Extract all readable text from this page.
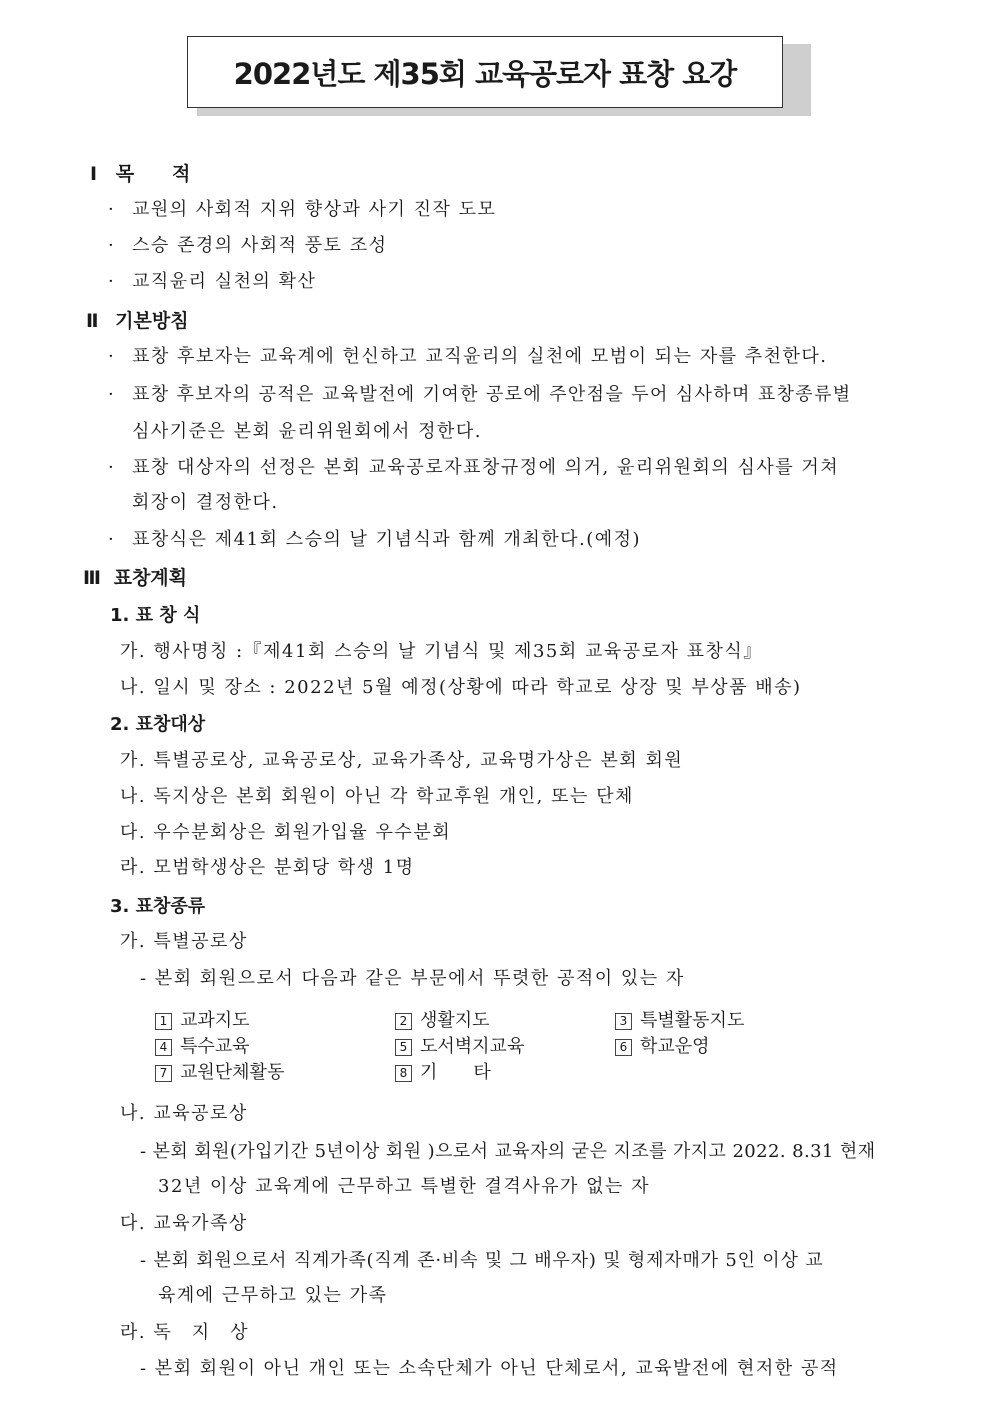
2022년도 제35회 교육공로자 표창 요강
Ⅰ 목　　적
· 교원의 사회적 지위 향상과 사기 진작 도모
· 스승 존경의 사회적 풍토 조성
· 교직윤리 실천의 확산
Ⅱ 기본방침
· 표창 후보자는 교육계에 헌신하고 교직윤리의 실천에 모범이 되는 자를 추천한다.
· 표창 후보자의 공적은 교육발전에 기여한 공로에 주안점을 두어 심사하며 표창종류별
심사기준은 본회 윤리위원회에서 정한다.
· 표창 대상자의 선정은 본회 교육공로자표창규정에 의거, 윤리위원회의 심사를 거쳐
회장이 결정한다.
· 표창식은 제41회 스승의 날 기념식과 함께 개최한다.(예정)
Ⅲ 표창계획
1. 표 창 식
가. 행사명칭 :『제41회 스승의 날 기념식 및 제35회 교육공로자 표창식』
나. 일시 및 장소 : 2022년 5월 예정(상황에 따라 학교로 상장 및 부상품 배송)
2. 표창대상
가. 특별공로상, 교육공로상, 교육가족상, 교육명가상은 본회 회원
나. 독지상은 본회 회원이 아닌 각 학교후원 개인, 또는 단체
다. 우수분회상은 회원가입율 우수분회
라. 모범학생상은 분회당 학생 1명
3. 표창종류
가. 특별공로상
- 본회 회원으로서 다음과 같은 부문에서 뚜렷한 공적이 있는 자
1 교과지도	2 생활지도	3 특별활동지도
4 특수교육	5 도서벽지교육	6 학교운영
7 교원단체활동	8 기　　타
나. 교육공로상
- 본회 회원(가입기간 5년이상 회원 )으로서 교육자의 굳은 지조를 가지고 2022. 8.31 현재
32년 이상 교육계에 근무하고 특별한 결격사유가 없는 자
다. 교육가족상
- 본회 회원으로서 직계가족(직계 존·비속 및 그 배우자) 및 형제자매가 5인 이상 교
육계에 근무하고 있는 가족
라. 독　지　상
- 본회 회원이 아닌 개인 또는 소속단체가 아닌 단체로서, 교육발전에 현저한 공적
